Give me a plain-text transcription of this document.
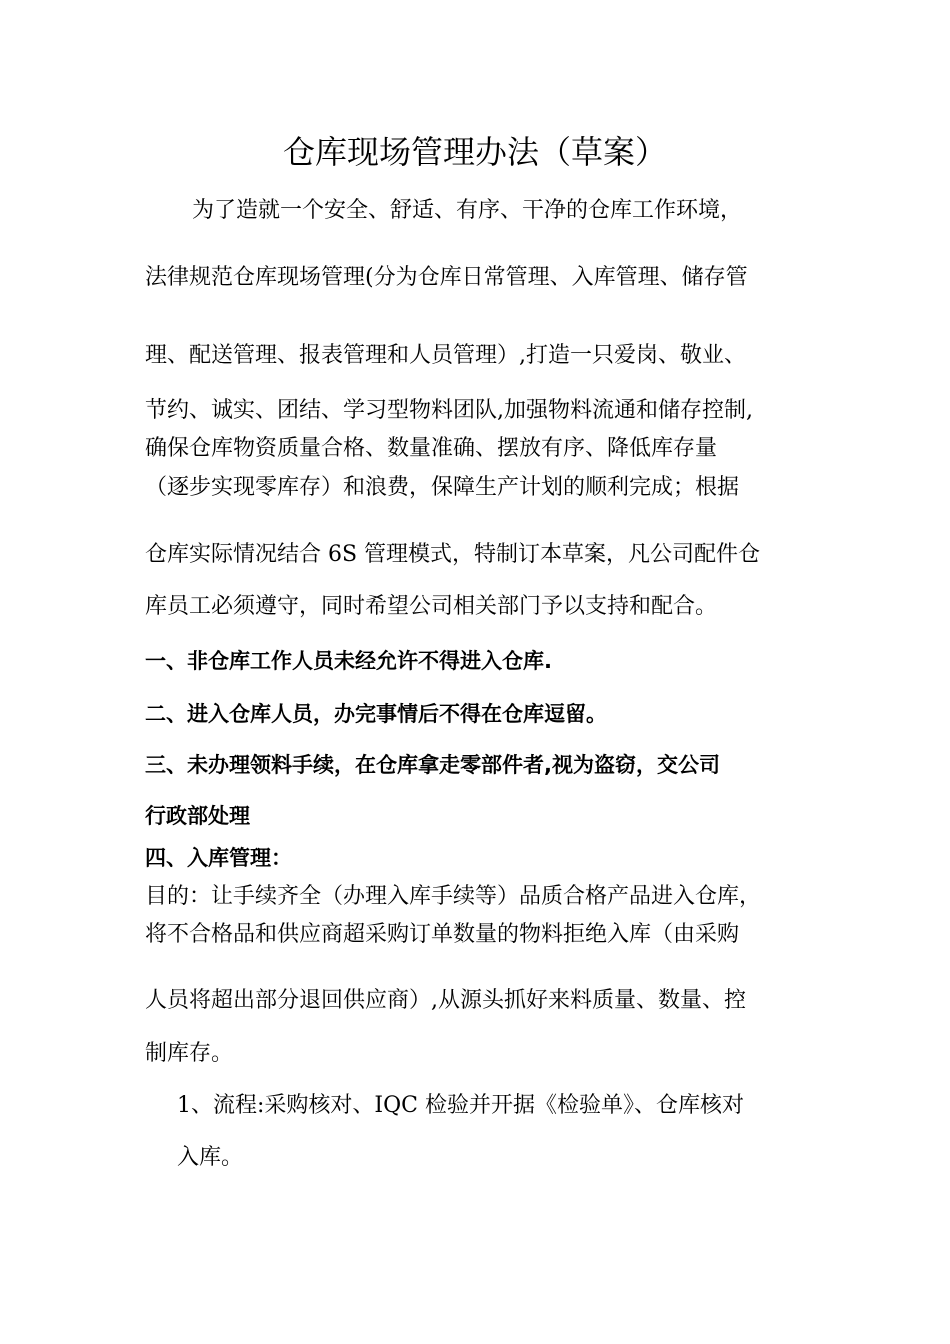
仓库现场管理办法（草案）
为了造就一个安全、舒适、有序、干净的仓库工作环境，
法律规范仓库现场管理(分为仓库日常管理、入库管理、储存管
理、配送管理、报表管理和人员管理）,打造一只爱岗、敬业、
节约、诚实、团结、学习型物料团队,加强物料流通和储存控制,
确保仓库物资质量合格、数量准确、摆放有序、降低库存量
（逐步实现零库存）和浪费，保障生产计划的顺利完成；根据
仓库实际情况结合 6S 管理模式，特制订本草案，凡公司配件仓
库员工必须遵守，同时希望公司相关部门予以支持和配合。
一、非仓库工作人员未经允许不得进入仓库.
二、进入仓库人员，办完事情后不得在仓库逗留。
三、未办理领料手续，在仓库拿走零部件者,视为盗窃，交公司
行政部处理
四、入库管理：
目的：让手续齐全（办理入库手续等）品质合格产品进入仓库，
将不合格品和供应商超采购订单数量的物料拒绝入库（由采购
人员将超出部分退回供应商）,从源头抓好来料质量、数量、控
制库存。
1、流程:采购核对、IQC 检验并开据《检验单》、仓库核对
入库。
